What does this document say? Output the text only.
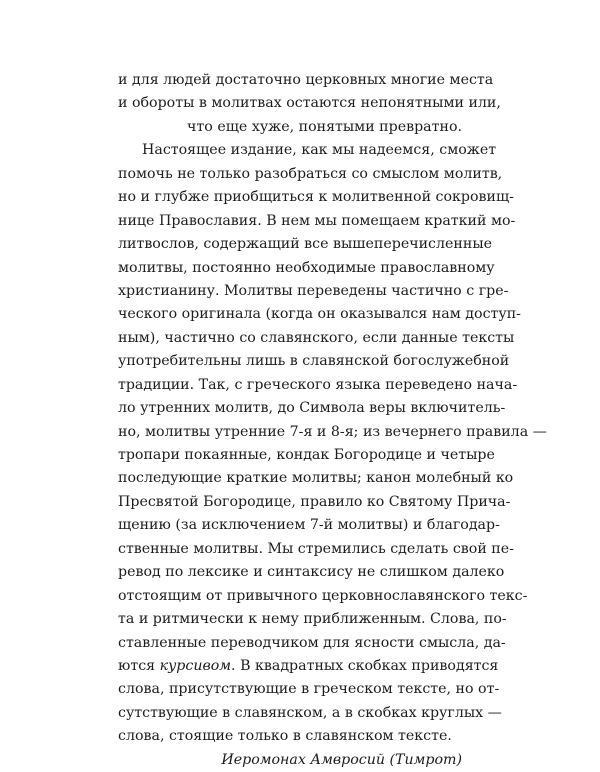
и для людей достаточно церковных многие места
и обороты в молитвах остаются непонятными или,
что еще хуже, понятыми превратно.
Настоящее издание, как мы надеемся, сможет
помочь не только разобраться со смыслом молитв,
но и глубже приобщиться к молитвенной сокровищ-
нице Православия. В нем мы помещаем краткий мо-
литвослов, содержащий все вышеперечисленные
молитвы, постоянно необходимые православному
христианину. Молитвы переведены частично с гре-
ческого оригинала (когда он оказывался нам доступ-
ным), частично со славянского, если данные тексты
употребительны лишь в славянской богослужебной
традиции. Так, с греческого языка переведено нача-
ло утренних молитв, до Символа веры включитель-
но, молитвы утренние 7-я и 8-я; из вечернего правила —
тропари покаянные, кондак Богородице и четыре
последующие краткие молитвы; канон молебный ко
Пресвятой Богородице, правило ко Святому Прича-
щению (за исключением 7-й молитвы) и благодар-
ственные молитвы. Мы стремились сделать свой пе-
ревод по лексике и синтаксису не слишком далеко
отстоящим от привычного церковнославянского текс-
та и ритмически к нему приближенным. Слова, по-
ставленные переводчиком для ясности смысла, да-
ются курсивом. В квадратных скобках приводятся
слова, присутствующие в греческом тексте, но от-
сутствующие в славянском, а в скобках круглых —
слова, стоящие только в славянском тексте.
Иеромонах Амвросий (Тимрот)
